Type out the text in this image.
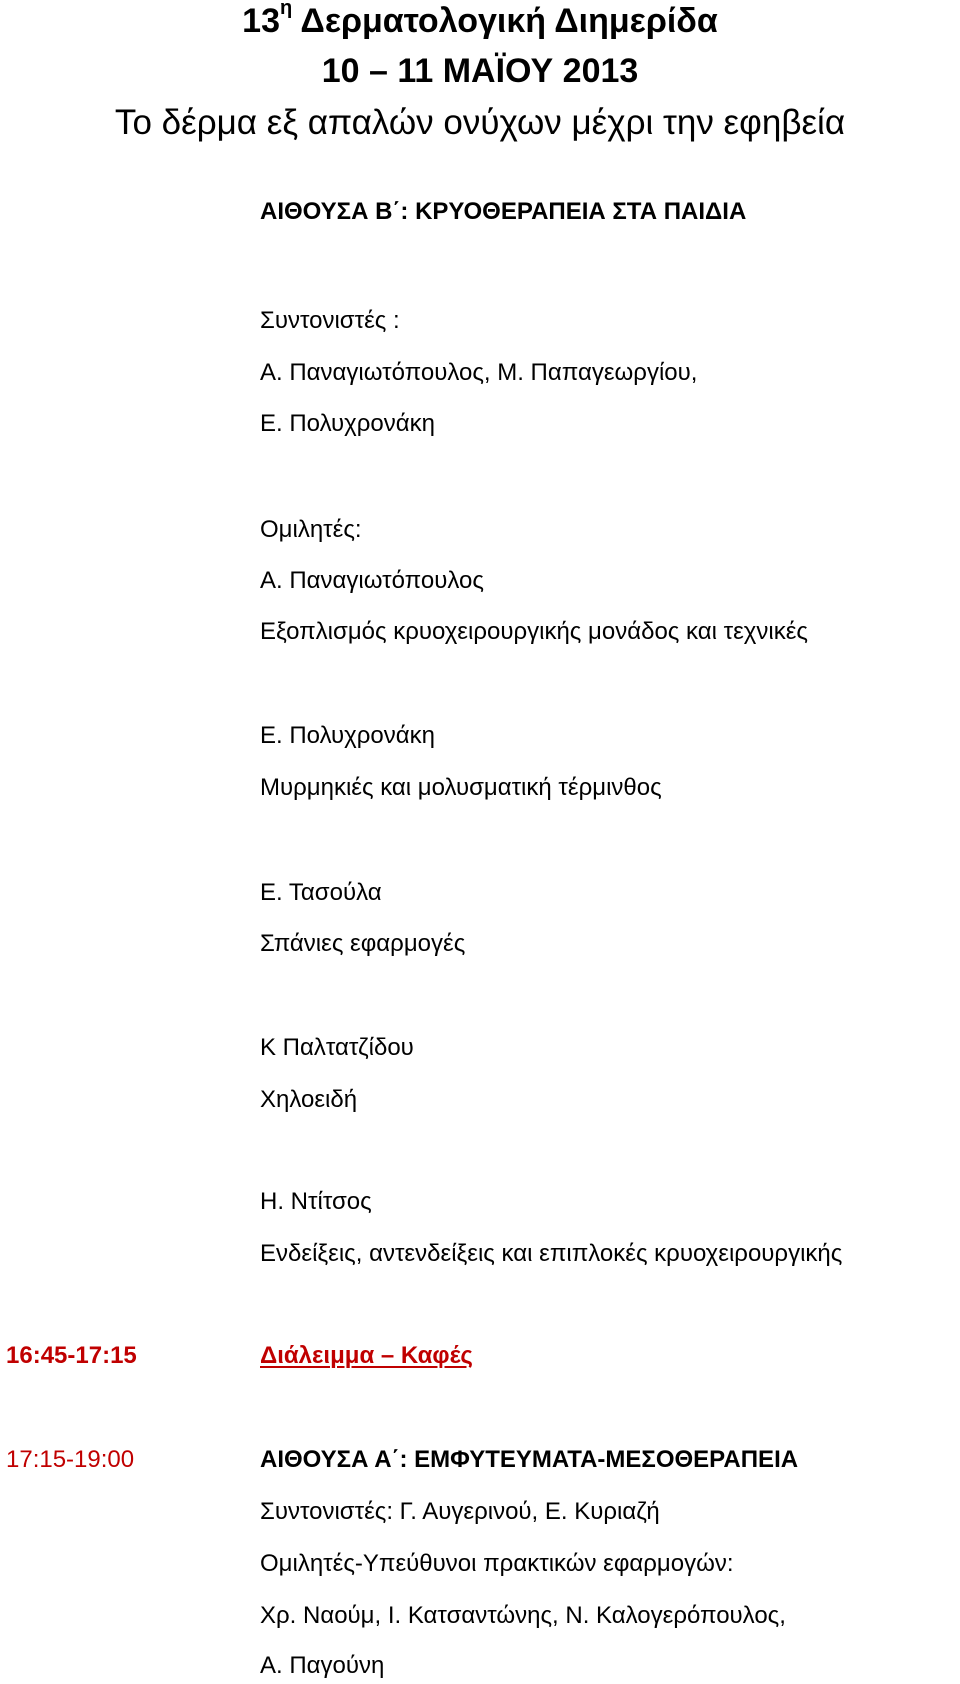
$13^\eta$ Δερματολογική Διημερίδα
10 – 11 ΜΑΪΟΥ 2013
Το δέρμα εξ απαλών ονύχων μέχρι την εφηβεία
ΑΙΘΟΥΣΑ Β΄: ΚΡΥΟΘΕΡΑΠΕΙΑ ΣΤΑ ΠΑΙΔΙΑ
Συντονιστές :
Α. Παναγιωτόπουλος, Μ. Παπαγεωργίου,
Ε. Πολυχρονάκη
Ομιλητές:
Α. Παναγιωτόπουλος
Εξοπλισμός κρυοχειρουργικής μονάδος και τεχνικές
Ε. Πολυχρονάκη
Μυρμηκιές και μολυσματική τέρμινθος
Ε. Τασούλα
Σπάνιες εφαρμογές
Κ Παλτατζίδου
Χηλοειδή
Η. Ντίτσος
Ενδείξεις, αντενδείξεις και επιπλοκές κρυοχειρουργικής
16:45-17:15	Διάλειμμα – Καφές
17:15-19:00	ΑΙΘΟΥΣΑ Α΄: ΕΜΦΥΤΕΥΜΑΤΑ-ΜΕΣΟΘΕΡΑΠΕΙΑ
Συντονιστές: Γ. Αυγερινού, Ε. Κυριαζή
Ομιλητές-Υπεύθυνοι πρακτικών εφαρμογών:
Χρ. Ναούμ, Ι. Κατσαντώνης, Ν. Καλογερόπουλος,
Α. Παγούνη
